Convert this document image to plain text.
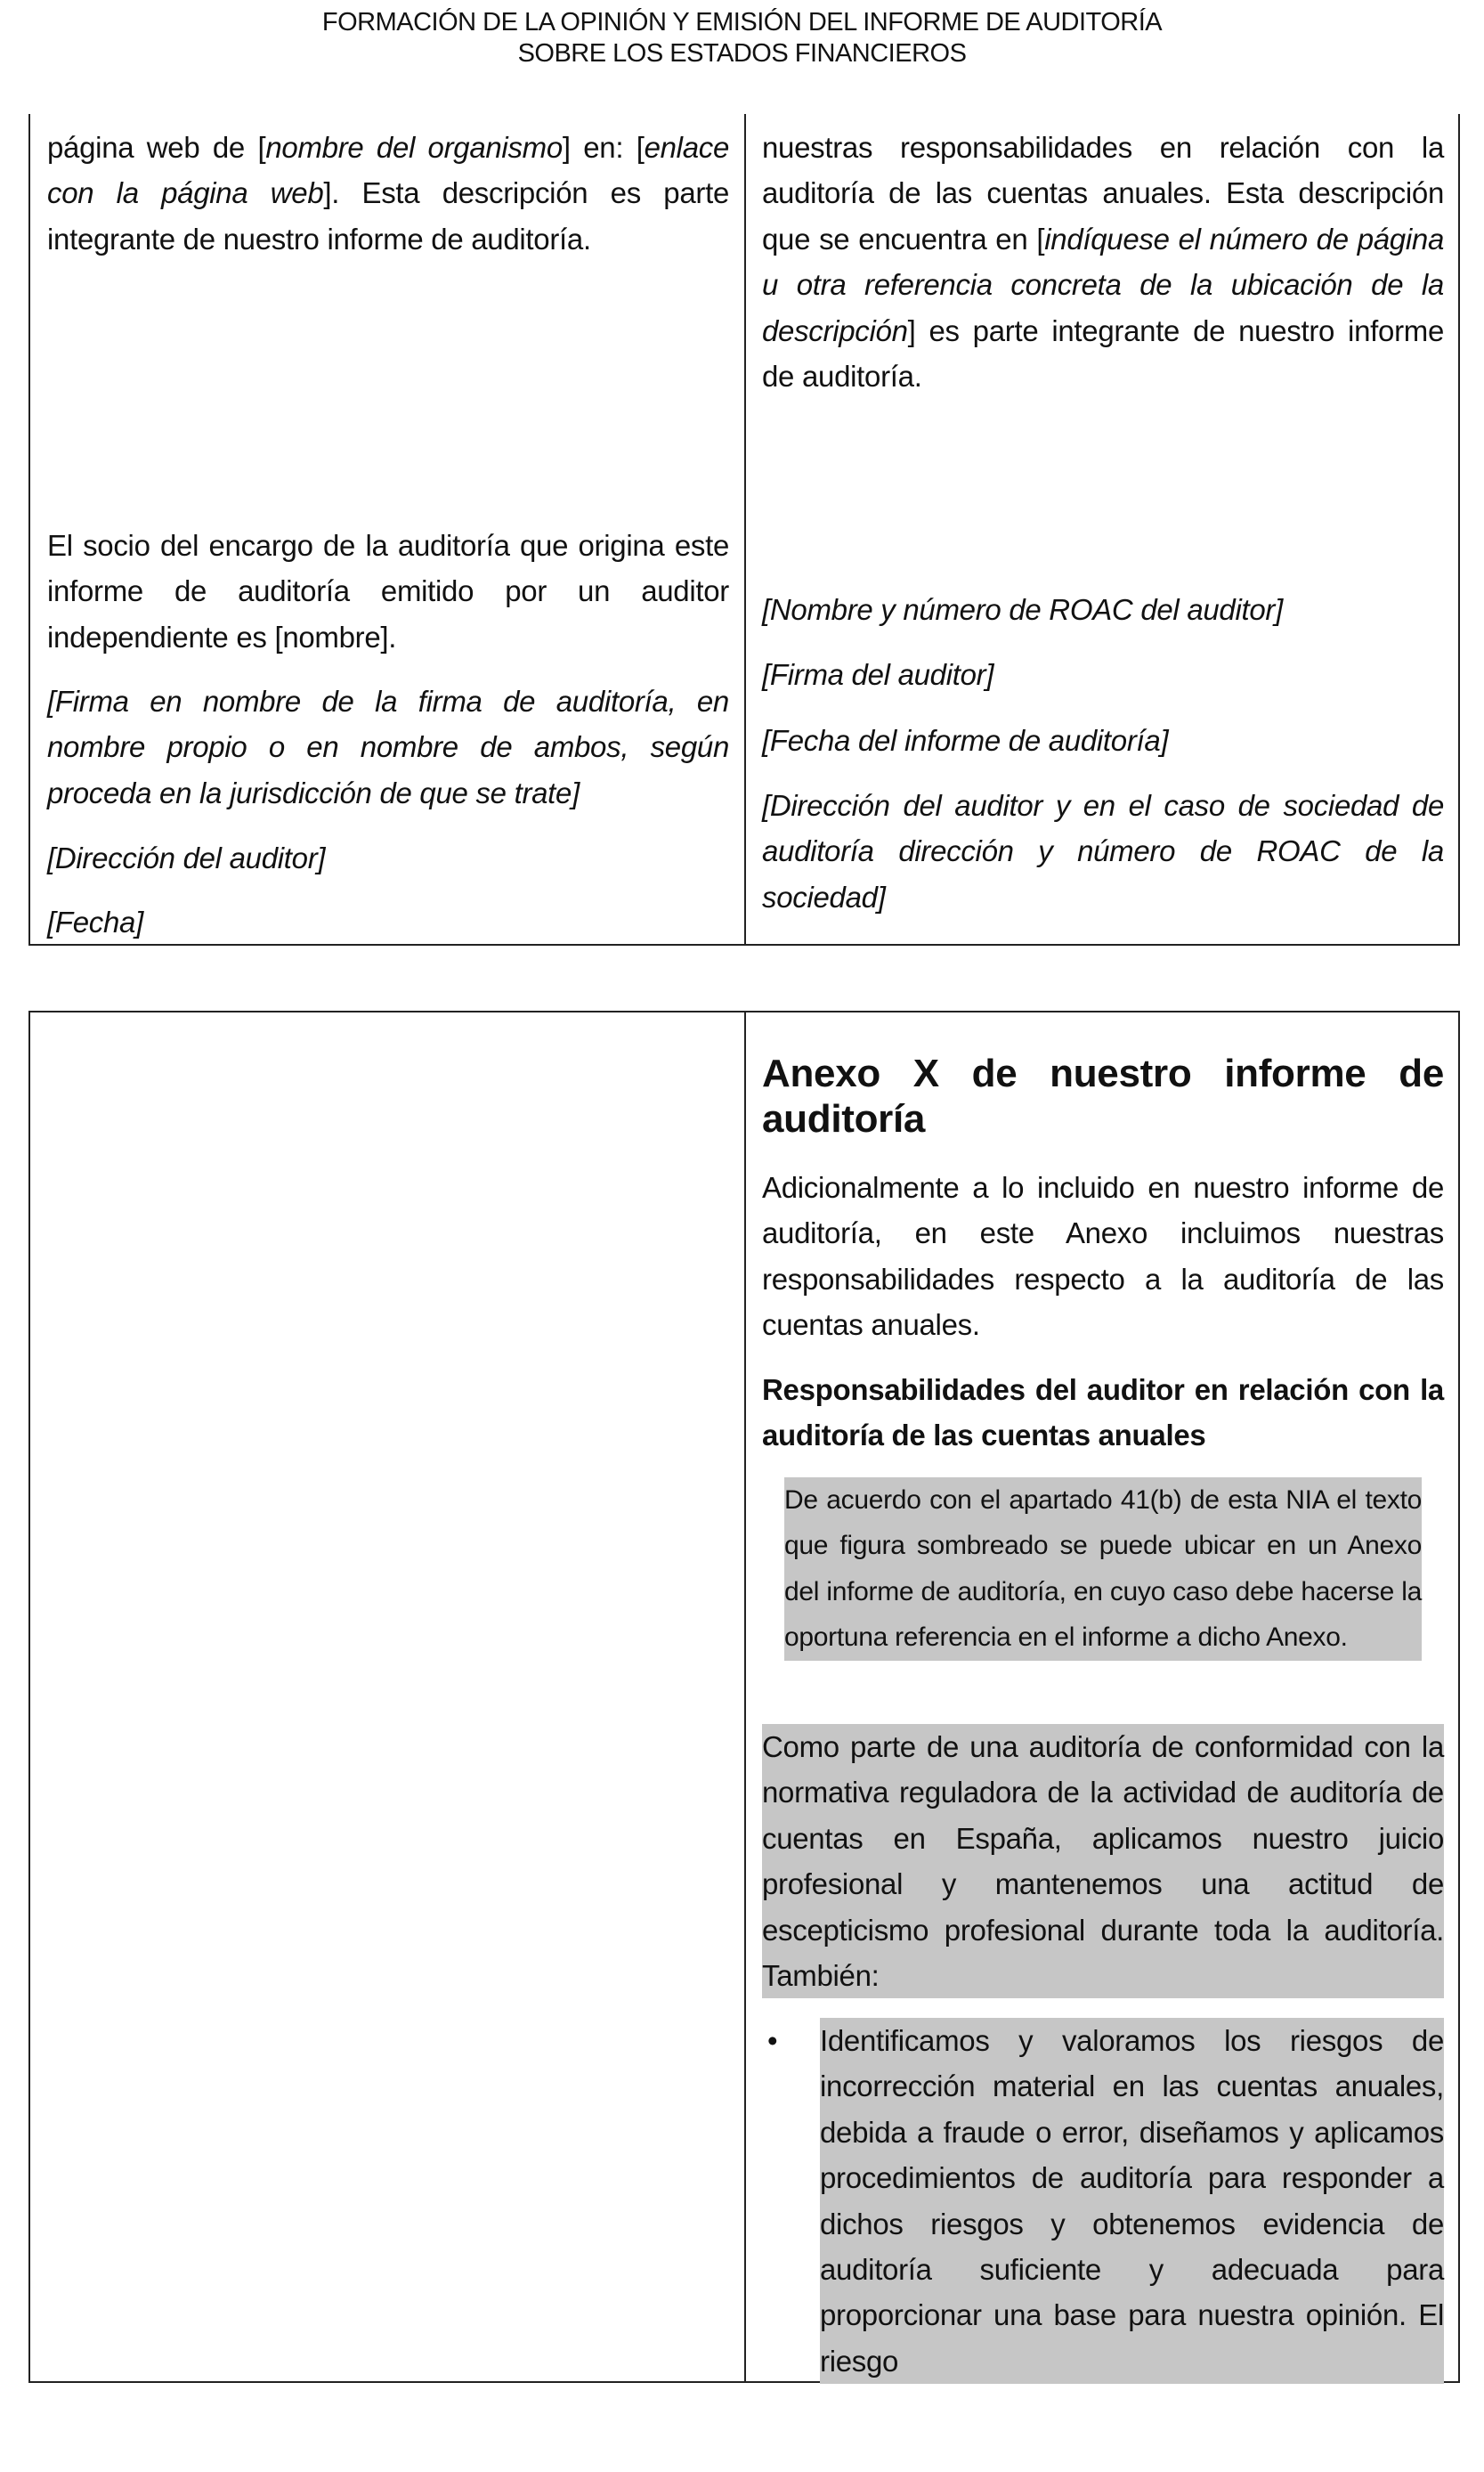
FORMACIÓN DE LA OPINIÓN Y EMISIÓN DEL INFORME DE AUDITORÍA
SOBRE LOS ESTADOS FINANCIEROS
página web de [nombre del organismo] en: [enlace con la página web]. Esta descripción es parte integrante de nuestro informe de auditoría.
El socio del encargo de la auditoría que origina este informe de auditoría emitido por un auditor independiente es [nombre].
[Firma en nombre de la firma de auditoría, en nombre propio o en nombre de ambos, según proceda en la jurisdicción de que se trate]
[Dirección del auditor]
[Fecha]
nuestras responsabilidades en relación con la auditoría de las cuentas anuales. Esta descripción que se encuentra en [indíquese el número de página u otra referencia concreta de la ubicación de la descripción] es parte integrante de nuestro informe de auditoría.
[Nombre y número de ROAC del auditor]
[Firma del auditor]
[Fecha del informe de auditoría]
[Dirección del auditor y en el caso de sociedad de auditoría dirección y número de ROAC de la sociedad]
Anexo X de nuestro informe de auditoría
Adicionalmente a lo incluido en nuestro informe de auditoría, en este Anexo incluimos nuestras responsabilidades respecto a la auditoría de las cuentas anuales.
Responsabilidades del auditor en relación con la auditoría de las cuentas anuales
De acuerdo con el apartado 41(b) de esta NIA el texto que figura sombreado se puede ubicar en un Anexo del informe de auditoría, en cuyo caso debe hacerse la oportuna referencia en el informe a dicho Anexo.
Como parte de una auditoría de conformidad con la normativa reguladora de la actividad de auditoría de cuentas en España, aplicamos nuestro juicio profesional y mantenemos una actitud de escepticismo profesional durante toda la auditoría. También:
• Identificamos y valoramos los riesgos de incorrección material en las cuentas anuales, debida a fraude o error, diseñamos y aplicamos procedimientos de auditoría para responder a dichos riesgos y obtenemos evidencia de auditoría suficiente y adecuada para proporcionar una base para nuestra opinión. El riesgo
